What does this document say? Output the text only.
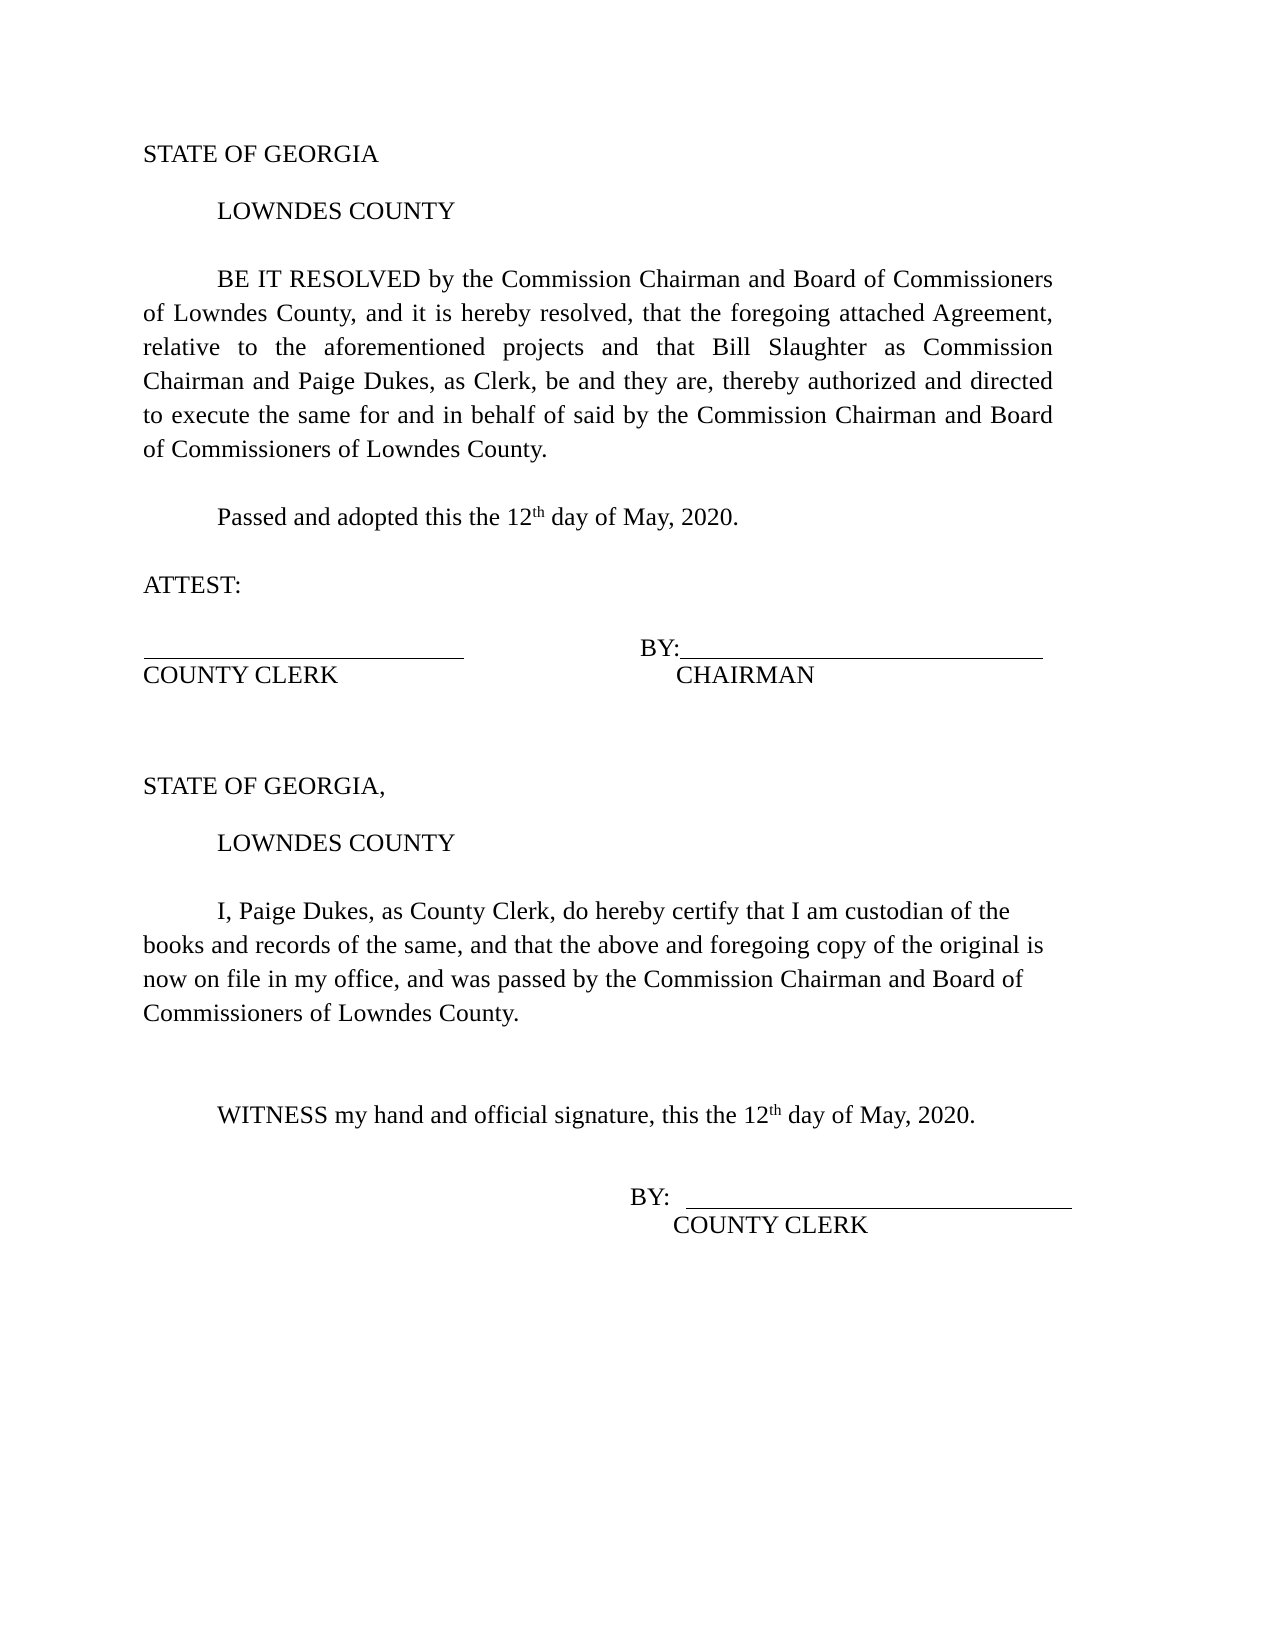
STATE OF GEORGIA
LOWNDES COUNTY
BE IT RESOLVED by the Commission Chairman and Board of Commissioners of Lowndes County, and it is hereby resolved, that the foregoing attached Agreement, relative to the aforementioned projects and that Bill Slaughter as Commission Chairman and Paige Dukes, as Clerk, be and they are, thereby authorized and directed to execute the same for and in behalf of said by the Commission Chairman and Board of Commissioners of Lowndes County.
Passed and adopted this the 12th day of May, 2020.
ATTEST:
BY:
COUNTY CLERK	CHAIRMAN
STATE OF GEORGIA,
LOWNDES COUNTY
I, Paige Dukes, as County Clerk, do hereby certify that I am custodian of the books and records of the same, and that the above and foregoing copy of the original is now on file in my office, and was passed by the Commission Chairman and Board of Commissioners of Lowndes County.
WITNESS my hand and official signature, this the 12th day of May, 2020.
BY:
COUNTY CLERK
